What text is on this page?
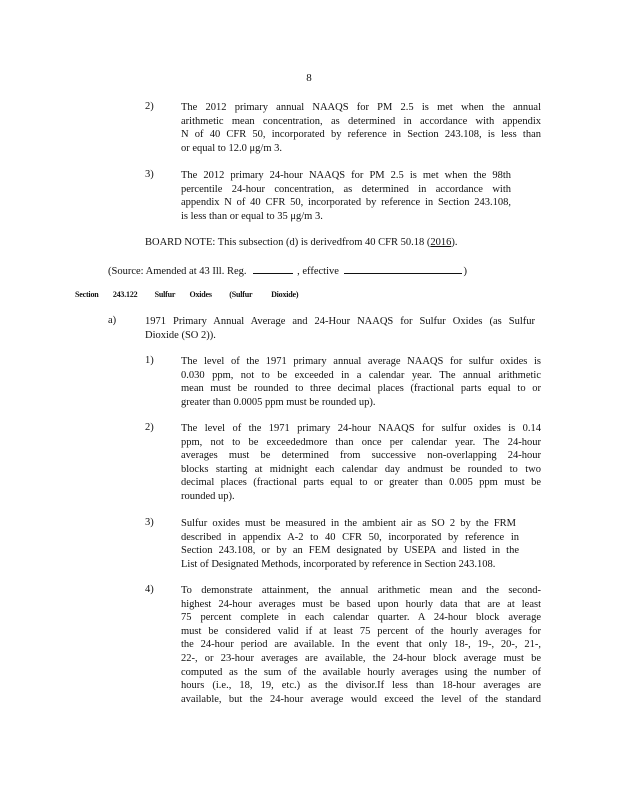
8
2)	The 2012 primary annual NAAQS for PM 2.5 is met when the annual
arithmetic mean concentration, as determined in accordance with appendix
N of 40 CFR 50, incorporated by reference in Section 243.108, is less than
or equal to 12.0 μg/m 3.
3)	The 2012 primary 24-hour NAAQS for PM 2.5 is met when the 98th
percentile 24-hour concentration, as determined in accordance with
appendix N of 40 CFR 50, incorporated by reference in Section 243.108,
is less than or equal to 35 μg/m 3.
BOARD NOTE: This subsection (d) is derivedfrom 40 CFR 50.18 (2016).
(Source: Amended at 43 Ill. Reg.	, effective	)
Section 243.122 Sulfur Oxides (Sulfur Dioxide)
a)	1971 Primary Annual Average and 24-Hour NAAQS for Sulfur Oxides (as Sulfur
Dioxide (SO 2)).
1)	The level of the 1971 primary annual average NAAQS for sulfur oxides is
0.030 ppm, not to be exceeded in a calendar year. The annual arithmetic
mean must be rounded to three decimal places (fractional parts equal to or
greater than 0.0005 ppm must be rounded up).
2)	The level of the 1971 primary 24-hour NAAQS for sulfur oxides is 0.14
ppm, not to be exceededmore than once per calendar year. The 24-hour
averages must be determined from successive non-overlapping 24-hour
blocks starting at midnight each calendar day andmust be rounded to two
decimal places (fractional parts equal to or greater than 0.005 ppm must be
rounded up).
3)	Sulfur oxides must be measured in the ambient air as SO 2 by the FRM
described in appendix A-2 to 40 CFR 50, incorporated by reference in
Section 243.108, or by an FEM designated by USEPA and listed in the
List of Designated Methods, incorporated by reference in Section 243.108.
4)	To demonstrate attainment, the annual arithmetic mean and the second-
highest 24-hour averages must be based upon hourly data that are at least
75 percent complete in each calendar quarter. A 24-hour block average
must be considered valid if at least 75 percent of the hourly averages for
the 24-hour period are available. In the event that only 18-, 19-, 20-, 21-,
22-, or 23-hour averages are available, the 24-hour block average must be
computed as the sum of the available hourly averages using the number of
hours (i.e., 18, 19, etc.) as the divisor.If less than 18-hour averages are
available, but the 24-hour average would exceed the level of the standard
